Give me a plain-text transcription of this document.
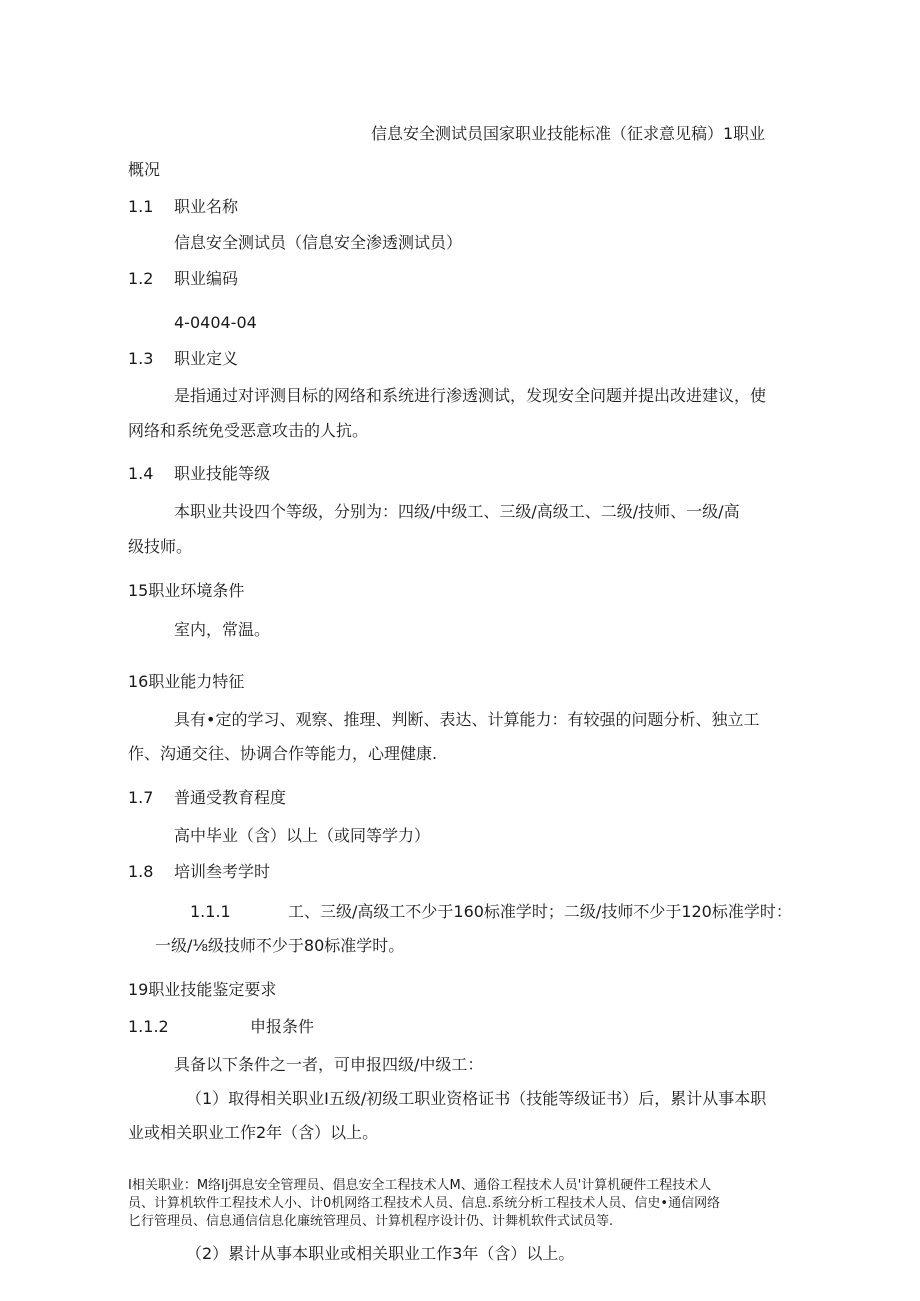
信息安全测试员国家职业技能标准（征求意见稿）1职业
概况
1.1 职业名称
信息安全测试员（信息安全渗透测试员）
1.2 职业编码
4-0404-04
1.3 职业定义
是指通过对评测目标的网络和系统进行渗透测试，发现安全问题并提出改进建议，使
网络和系统免受恶意攻击的人抗。
1.4 职业技能等级
本职业共设四个等级，分别为：四级/中级工、三级/高级工、二级/技师、一级/高
级技师。
15职业环境条件
室内，常温。
16职业能力特征
具有•定的学习、观察、推理、判断、表达、计算能力：有较强的问题分析、独立工
作、沟通交往、协调合作等能力，心理健康.
1.7 普通受教育程度
高中毕业（含）以上（或同等学力）
1.8 培训叁考学时
1.1.1	工、三级/高级工不少于160标准学时；二级/技师不少于120标准学时：
一级/⅛级技师不少于80标准学时。
19职业技能鉴定要求
1.1.2	申报条件
具备以下条件之一者，可申报四级/中级工：
（1）取得相关职业Ⅰ五级/初级工职业资格证书（技能等级证书）后，累计从事本职
业或相关职业工作2年（含）以上。
I相关职业：M络Ij弭息安全管理员、倡息安全工程技术人M、通俗工程技术人员'计算机硬件工程技术人
员、计算机软件工程技术人小、计0机网络工程技术人员、信息.系统分析工程技术人员、信史•通信网络
匕行管理员、信息通信信息化廉统管理员、计算机程序设计仍、计舞机软件式试员等.
（2）累计从事本职业或相关职业工作3年（含）以上。
